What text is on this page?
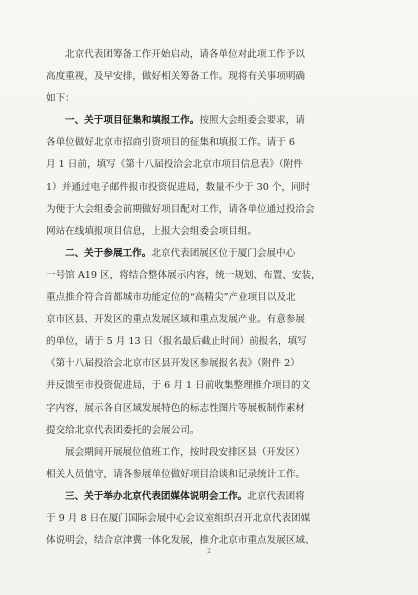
北京代表团筹备工作开始启动，请各单位对此项工作予以
高度重视，及早安排，做好相关筹备工作。现将有关事项明确
如下：

一、关于项目征集和填报工作。按照大会组委会要求，请
各单位做好北京市招商引资项目的征集和填报工作。请于 6
月 1 日前，填写《第十八届投洽会北京市项目信息表》（附件
1）并通过电子邮件报市投资促进局，数量不少于 30 个，同时
为便于大会组委会前期做好项目配对工作，请各单位通过投洽会
网站在线填报项目信息，上报大会组委会项目组。

二、关于参展工作。北京代表团展区位于厦门会展中心
一号馆 A19 区，将结合整体展示内容，统一规划、布置、安装，
重点推介符合首都城市功能定位的“高精尖”产业项目以及北
京市区县、开发区的重点发展区域和重点发展产业。有意参展
的单位，请于 5 月 13 日（报名最后截止时间）前报名，填写
《第十八届投洽会北京市区县开发区参展报名表》（附件 2）
并反馈至市投资促进局，于 6 月 1 日前收集整理推介项目的文
字内容，展示各自区域发展特色的标志性图片等展板制作素材
提交给北京代表团委托的会展公司。

展会期间开展展位值班工作，按时段安排区县（开发区）
相关人员值守，请各参展单位做好项目洽谈和记录统计工作。

三、关于举办北京代表团媒体说明会工作。北京代表团将
于 9 月 8 日在厦门国际会展中心会议室组织召开北京代表团媒
体说明会，结合京津冀一体化发展，推介北京市重点发展区域、

2
